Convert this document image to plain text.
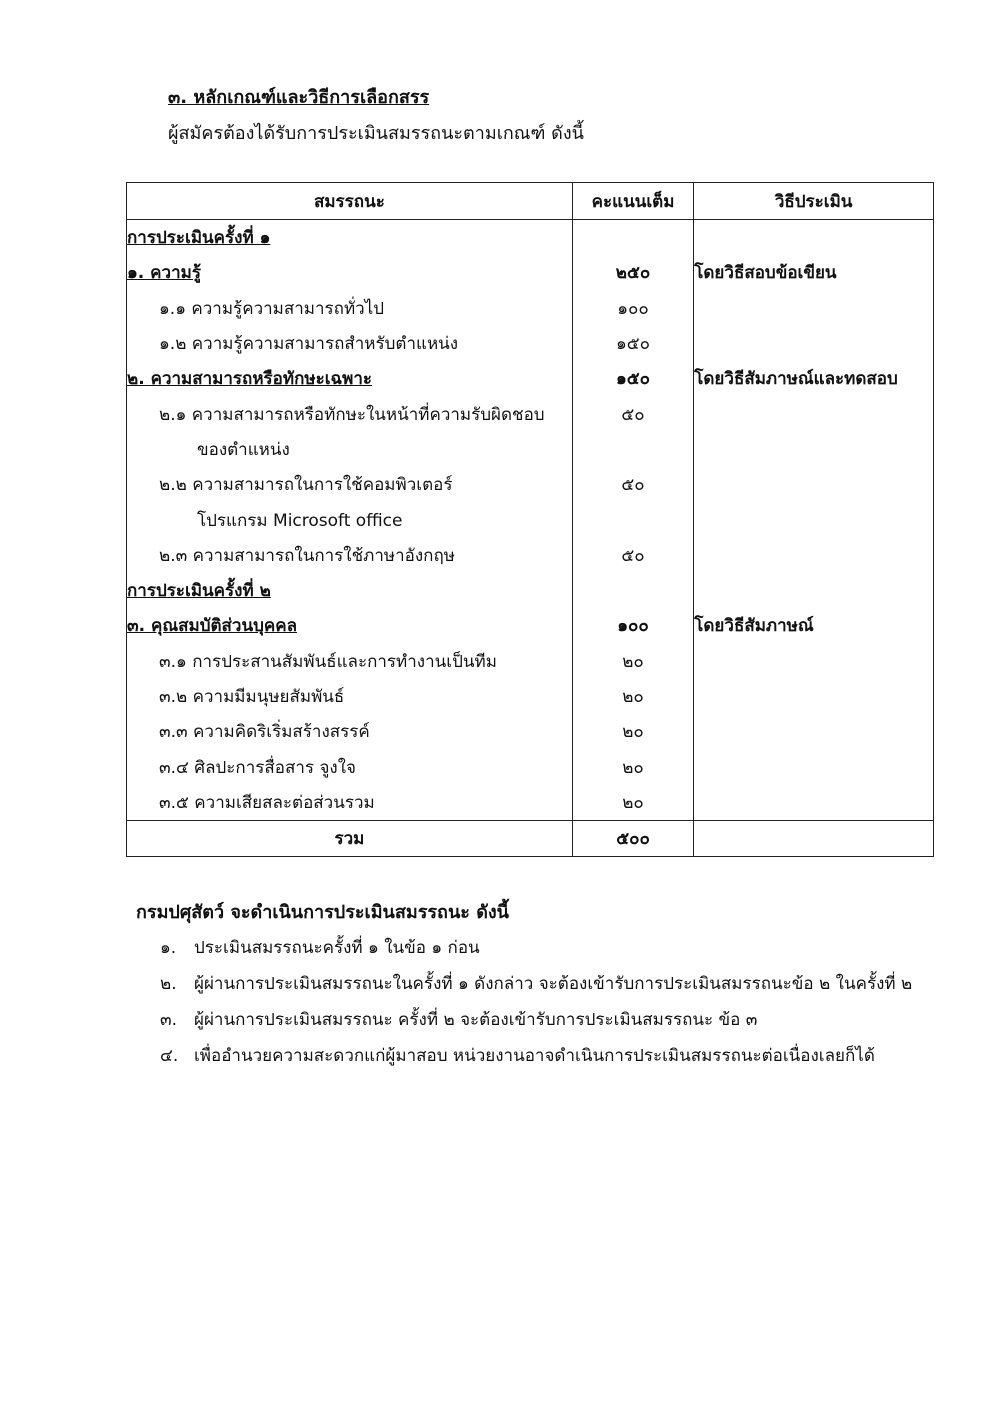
๓. หลักเกณฑ์และวิธีการเลือกสรร
ผู้สมัครต้องได้รับการประเมินสมรรถนะตามเกณฑ์ ดังนี้
สมรรถนะ	คะแนนเต็ม	วิธีประเมิน
การประเมินครั้งที่ ๑		
๑. ความรู้	๒๕๐	โดยวิธีสอบข้อเขียน
๑.๑ ความรู้ความสามารถทั่วไป	๑๐๐	
๑.๒ ความรู้ความสามารถสำหรับตำแหน่ง	๑๕๐	
๒. ความสามารถหรือทักษะเฉพาะ	๑๕๐	โดยวิธีสัมภาษณ์และทดสอบ
๒.๑ ความสามารถหรือทักษะในหน้าที่ความรับผิดชอบ	๕๐	
ของตำแหน่ง		
๒.๒ ความสามารถในการใช้คอมพิวเตอร์	๕๐	
โปรแกรม Microsoft office		
๒.๓ ความสามารถในการใช้ภาษาอังกฤษ	๕๐	
การประเมินครั้งที่ ๒		
๓. คุณสมบัติส่วนบุคคล	๑๐๐	โดยวิธีสัมภาษณ์
๓.๑ การประสานสัมพันธ์และการทำงานเป็นทีม	๒๐	
๓.๒ ความมีมนุษยสัมพันธ์	๒๐	
๓.๓ ความคิดริเริ่มสร้างสรรค์	๒๐	
๓.๔ ศิลปะการสื่อสาร จูงใจ	๒๐	
๓.๕ ความเสียสละต่อส่วนรวม	๒๐	
รวม	๕๐๐	
กรมปศุสัตว์ จะดำเนินการประเมินสมรรถนะ ดังนี้
๑. ประเมินสมรรถนะครั้งที่ ๑ ในข้อ ๑ ก่อน
๒. ผู้ผ่านการประเมินสมรรถนะในครั้งที่ ๑ ดังกล่าว จะต้องเข้ารับการประเมินสมรรถนะข้อ ๒ ในครั้งที่ ๒
๓. ผู้ผ่านการประเมินสมรรถนะ ครั้งที่ ๒ จะต้องเข้ารับการประเมินสมรรถนะ ข้อ ๓
๔. เพื่ออำนวยความสะดวกแก่ผู้มาสอบ หน่วยงานอาจดำเนินการประเมินสมรรถนะต่อเนื่องเลยก็ได้
